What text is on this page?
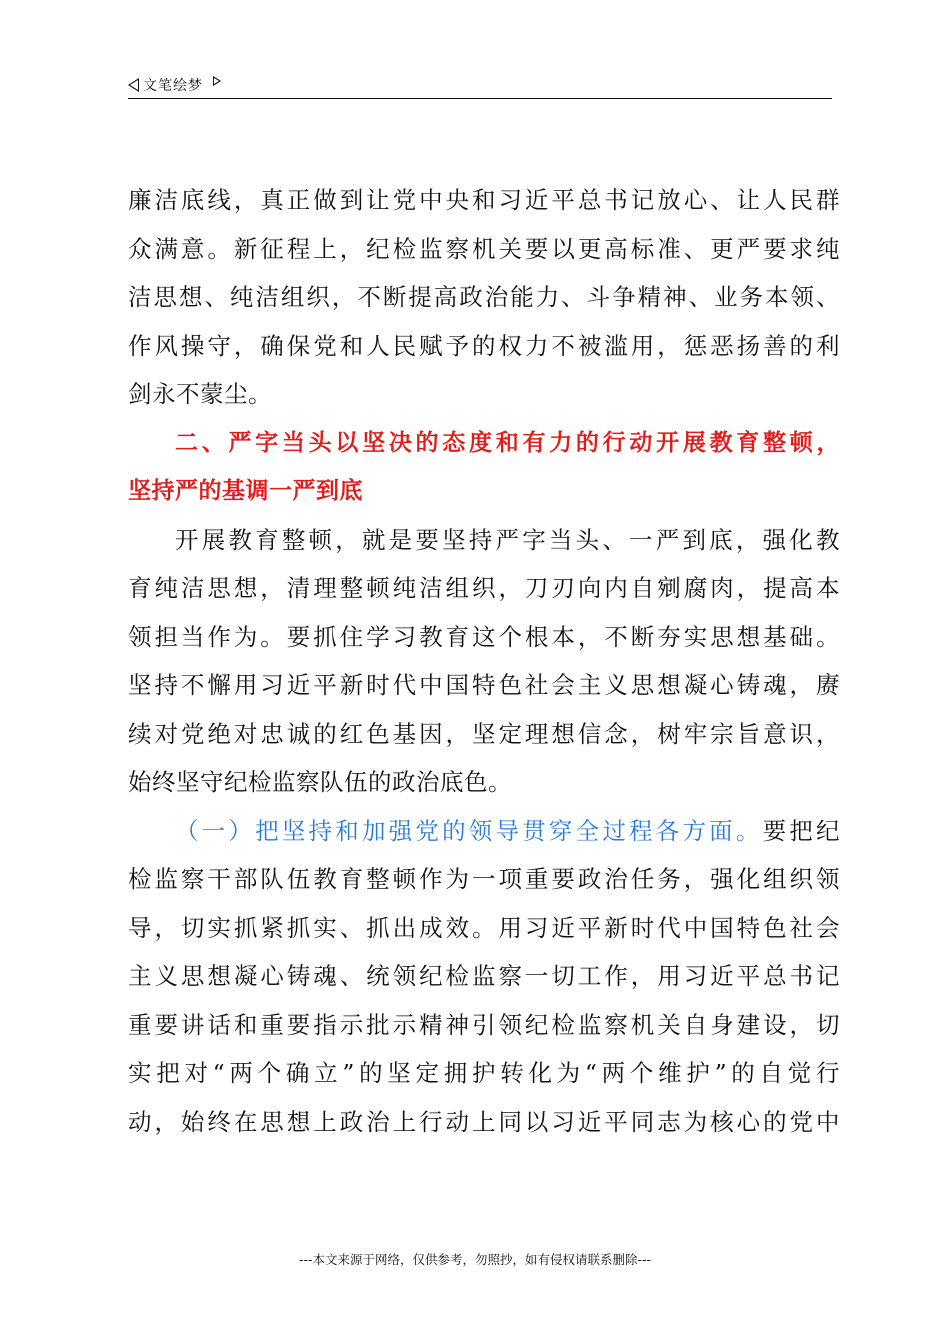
文笔绘梦
廉洁底线，真正做到让党中央和习近平总书记放心、让人民群
众满意。新征程上，纪检监察机关要以更高标准、更严要求纯
洁思想、纯洁组织，不断提高政治能力、斗争精神、业务本领、
作风操守，确保党和人民赋予的权力不被滥用，惩恶扬善的利
剑永不蒙尘。
二、严字当头以坚决的态度和有力的行动开展教育整顿，
坚持严的基调一严到底
开展教育整顿，就是要坚持严字当头、一严到底，强化教
育纯洁思想，清理整顿纯洁组织，刀刃向内自剜腐肉，提高本
领担当作为。要抓住学习教育这个根本，不断夯实思想基础。
坚持不懈用习近平新时代中国特色社会主义思想凝心铸魂，赓
续对党绝对忠诚的红色基因，坚定理想信念，树牢宗旨意识，
始终坚守纪检监察队伍的政治底色。
（一）把坚持和加强党的领导贯穿全过程各方面。要把纪
检监察干部队伍教育整顿作为一项重要政治任务，强化组织领
导，切实抓紧抓实、抓出成效。用习近平新时代中国特色社会
主义思想凝心铸魂、统领纪检监察一切工作，用习近平总书记
重要讲话和重要指示批示精神引领纪检监察机关自身建设，切
实把对“两个确立”的坚定拥护转化为“两个维护”的自觉行
动，始终在思想上政治上行动上同以习近平同志为核心的党中
---本文来源于网络，仅供参考，勿照抄，如有侵权请联系删除---
